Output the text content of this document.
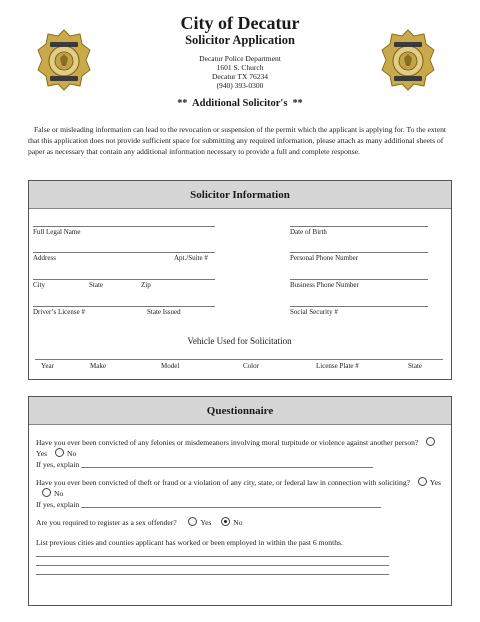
City of Decatur
Solicitor Application
Decatur Police Department
1601 S. Church
Decatur TX 76234
(940) 393-0300
** Additional Solicitor's **
False or misleading information can lead to the revocation or suspension of the permit which the applicant is applying for. To the extent that this application does not provide sufficient space for submitting any required information, please attach as many additional sheets of paper as necessary that contain any additional information necessary to provide a full and complete response.
Solicitor Information
Full Legal Name	Date of Birth
Address	Apt./Suite #	Personal Phone Number
City	State	Zip	Business Phone Number
Driver’s License #	State Issued	Social Security #
Vehicle Used for Solicitation
Year	Make	Model	Color	License Plate #	State
Questionnaire
Have you ever been convicted of any felonies or misdemeanors involving moral turpitude or violence against another person? Yes	No
If yes, explain
Have you ever been convicted of theft or fraud or a violation of any city, state, or federal law in connection with soliciting?	Yes No
If yes, explain
Are you required to register as a sex offender?	Yes	No
List previous cities and counties applicant has worked or been employed in within the past 6 months.
